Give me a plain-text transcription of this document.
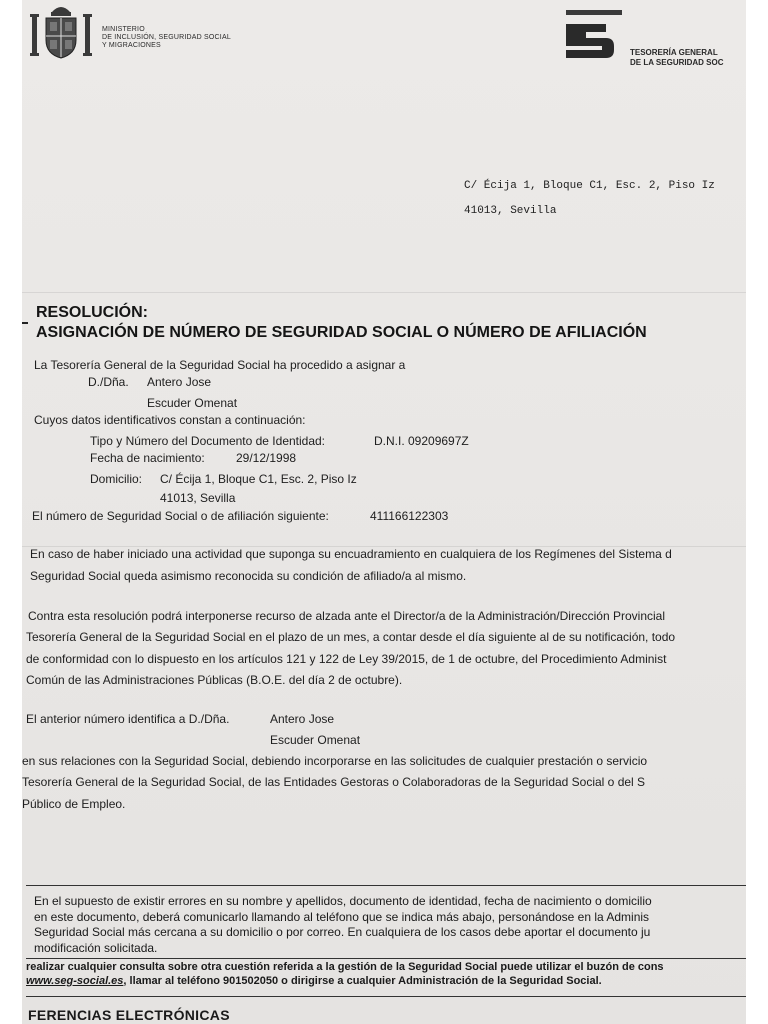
MINISTERIO
DE INCLUSIÓN, SEGURIDAD SOCIAL
Y MIGRACIONES
TESORERÍA GENERAL
DE LA SEGURIDAD SOC
C/ Écija 1, Bloque C1, Esc. 2, Piso Iz
41013, Sevilla
RESOLUCIÓN:
ASIGNACIÓN DE NÚMERO DE SEGURIDAD SOCIAL O NÚMERO DE AFILIACIÓN
La Tesorería General de la Seguridad Social ha procedido a asignar a
D./Dña. Antero Jose
Escuder Omenat
Cuyos datos identificativos constan a continuación:
Tipo y Número del Documento de Identidad:	D.N.I. 09209697Z
Fecha de nacimiento:	29/12/1998
Domicilio: C/ Écija 1, Bloque C1, Esc. 2, Piso Iz
41013, Sevilla
El número de Seguridad Social o de afiliación siguiente:	411166122303
En caso de haber iniciado una actividad que suponga su encuadramiento en cualquiera de los Regímenes del Sistema d
Seguridad Social queda asimismo reconocida su condición de afiliado/a al mismo.
Contra esta resolución podrá interponerse recurso de alzada ante el Director/a de la Administración/Dirección Provincial
Tesorería General de la Seguridad Social en el plazo de un mes, a contar desde el día siguiente al de su notificación, todo
de conformidad con lo dispuesto en los artículos 121 y 122 de Ley 39/2015, de 1 de octubre, del Procedimiento Administ
Común de las Administraciones Públicas (B.O.E. del día 2 de octubre).
El anterior número identifica a D./Dña.	Antero Jose
Escuder Omenat
en sus relaciones con la Seguridad Social, debiendo incorporarse en las solicitudes de cualquier prestación o servicio
Tesorería General de la Seguridad Social, de las Entidades Gestoras o Colaboradoras de la Seguridad Social o del S
Público de Empleo.
En el supuesto de existir errores en su nombre y apellidos, documento de identidad, fecha de nacimiento o domicilio
en este documento, deberá comunicarlo llamando al teléfono que se indica más abajo, personándose en la Adminis
Seguridad Social más cercana a su domicilio o por correo. En cualquiera de los casos debe aportar el documento ju
modificación solicitada.
realizar cualquier consulta sobre otra cuestión referida a la gestión de la Seguridad Social puede utilizar el buzón de cons
www.seg-social.es, llamar al teléfono 901502050 o dirigirse a cualquier Administración de la Seguridad Social.
FERENCIAS ELECTRÓNICAS
